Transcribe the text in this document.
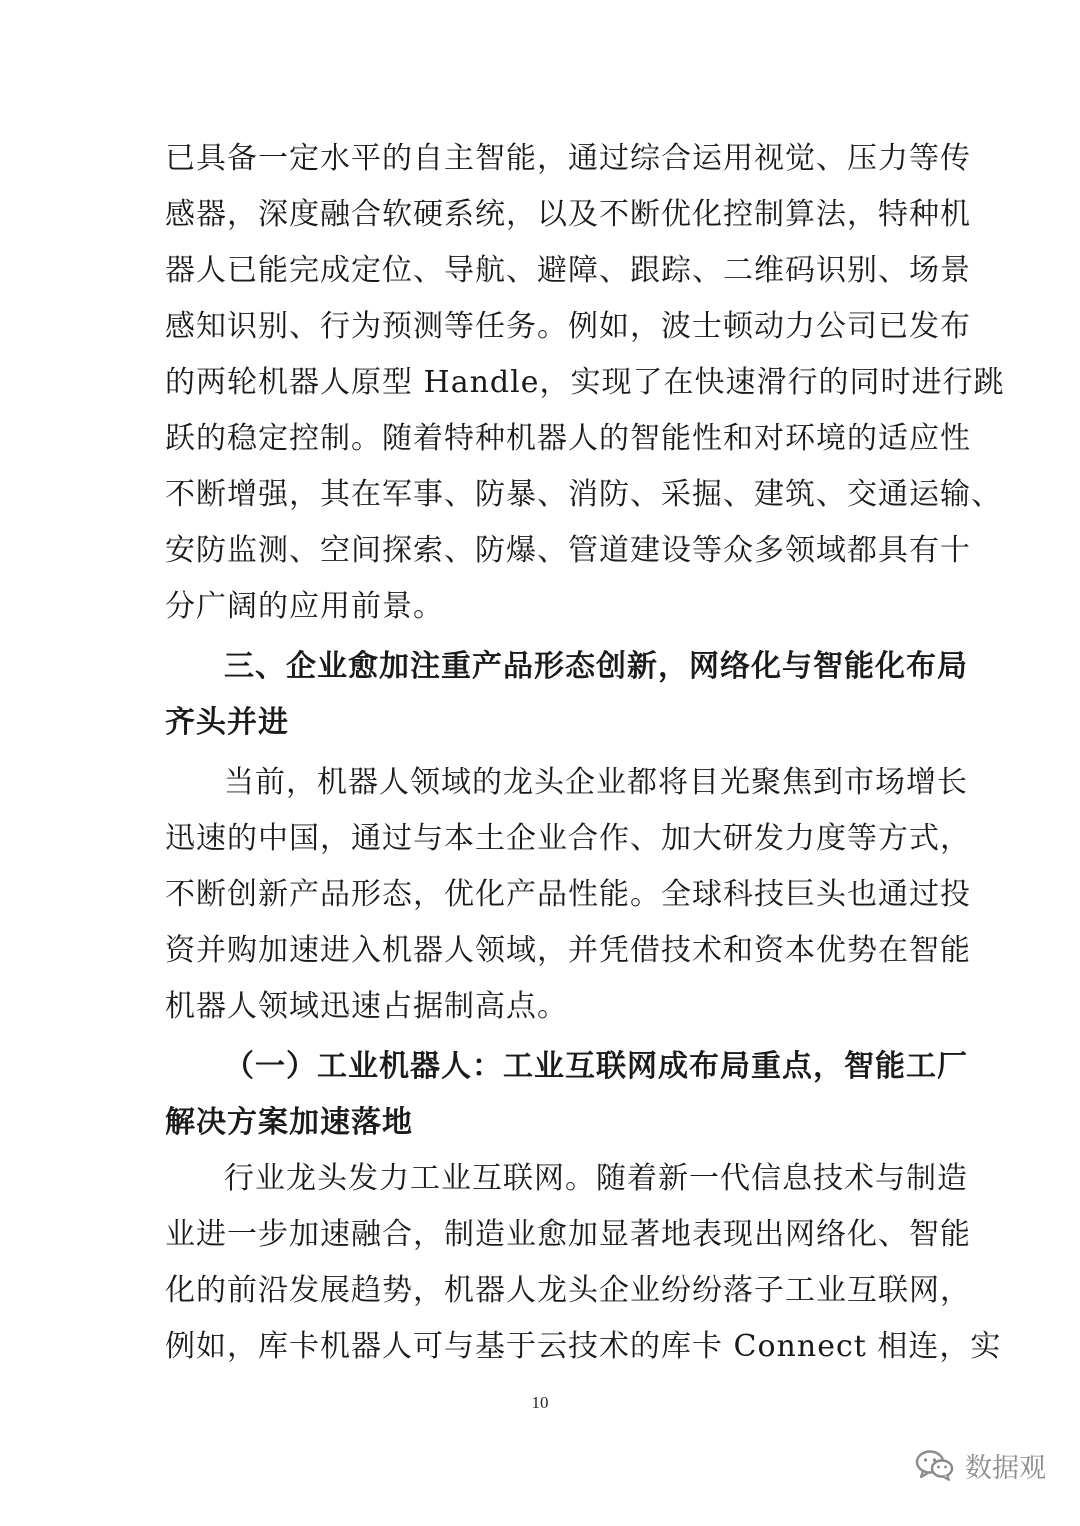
已具备一定水平的自主智能，通过综合运用视觉、压力等传
感器，深度融合软硬系统，以及不断优化控制算法，特种机
器人已能完成定位、导航、避障、跟踪、二维码识别、场景
感知识别、行为预测等任务。例如，波士顿动力公司已发布
的两轮机器人原型 Handle，实现了在快速滑行的同时进行跳
跃的稳定控制。随着特种机器人的智能性和对环境的适应性
不断增强，其在军事、防暴、消防、采掘、建筑、交通运输、
安防监测、空间探索、防爆、管道建设等众多领域都具有十
分广阔的应用前景。
三、企业愈加注重产品形态创新，网络化与智能化布局
齐头并进
当前，机器人领域的龙头企业都将目光聚焦到市场增长
迅速的中国，通过与本土企业合作、加大研发力度等方式，
不断创新产品形态，优化产品性能。全球科技巨头也通过投
资并购加速进入机器人领域，并凭借技术和资本优势在智能
机器人领域迅速占据制高点。
（一）工业机器人：工业互联网成布局重点，智能工厂
解决方案加速落地
行业龙头发力工业互联网。随着新一代信息技术与制造
业进一步加速融合，制造业愈加显著地表现出网络化、智能
化的前沿发展趋势，机器人龙头企业纷纷落子工业互联网，
例如，库卡机器人可与基于云技术的库卡 Connect 相连，实
10
数据观
